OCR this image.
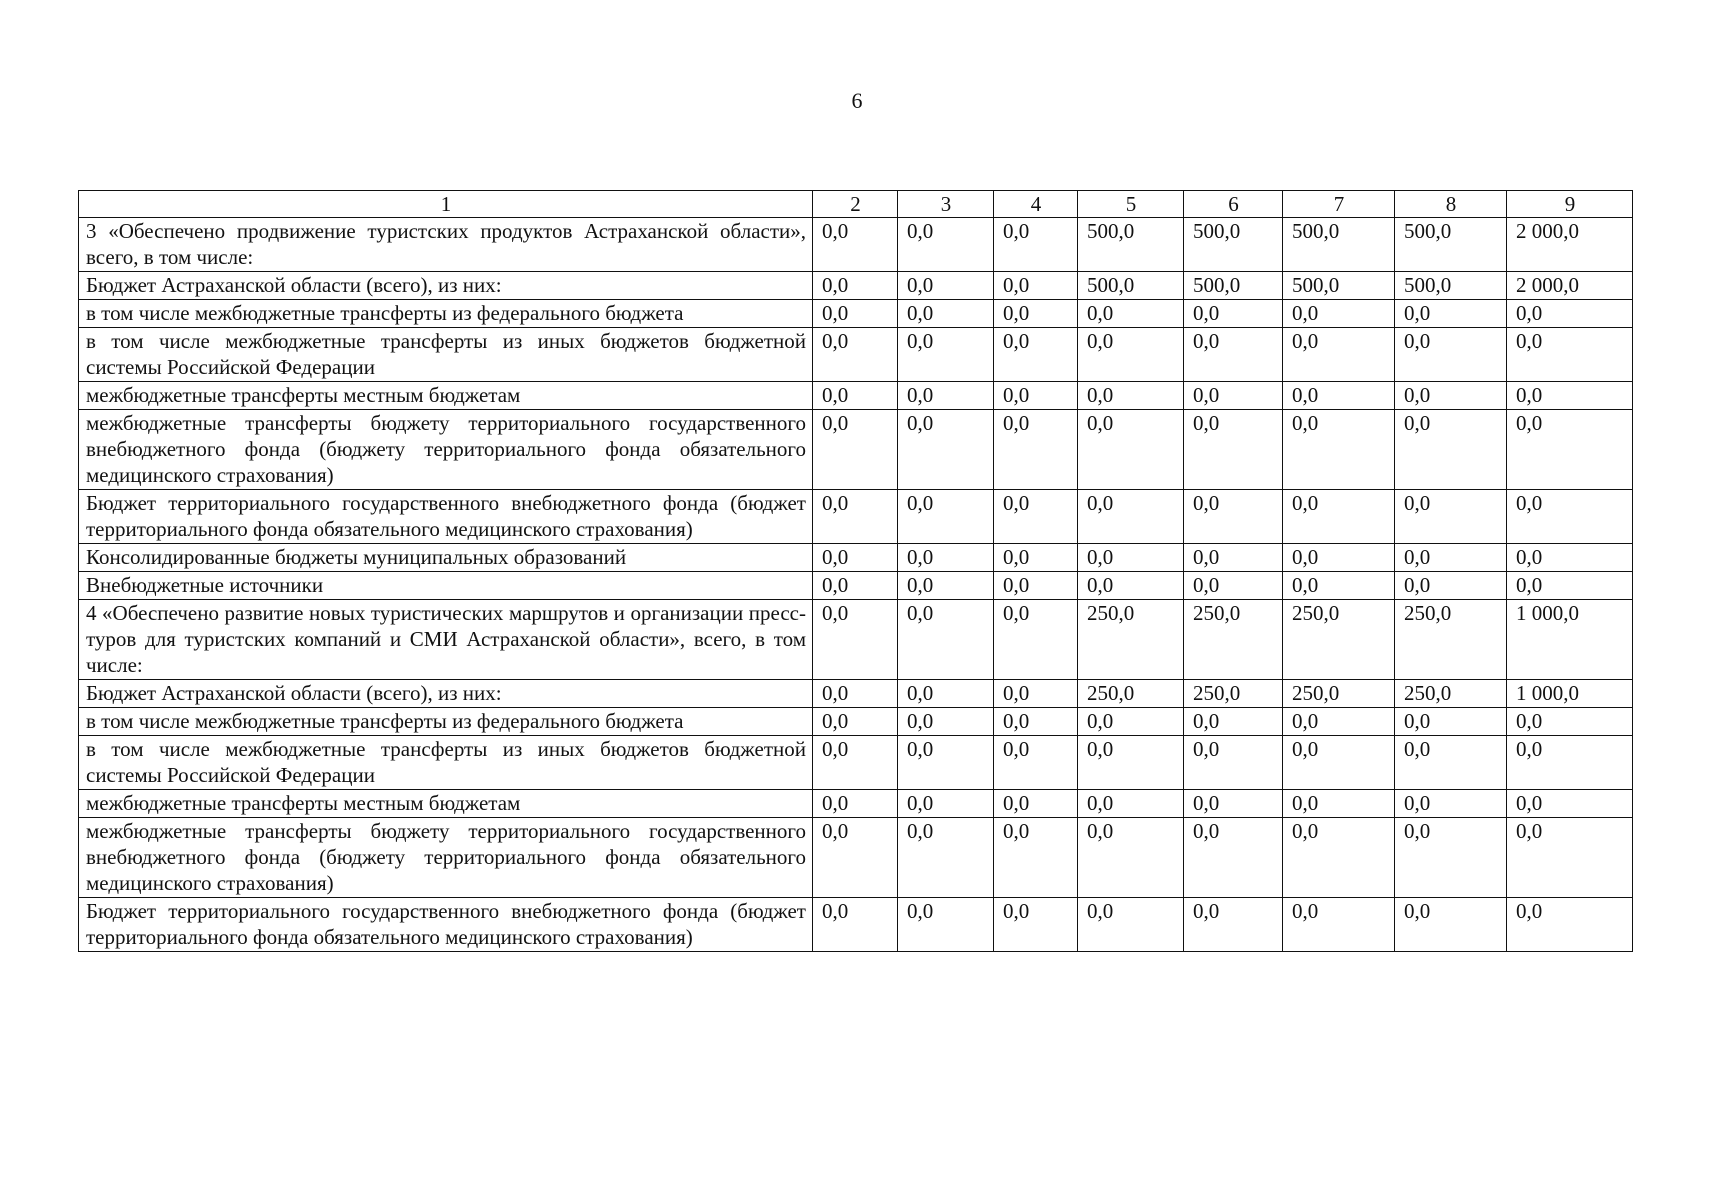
6
1	2	3	4	5	6	7	8	9
3 «Обеспечено продвижение туристских продуктов Астраханской области», всего, в том числе:	0,0	0,0	0,0	500,0	500,0	500,0	500,0	2 000,0
Бюджет Астраханской области (всего), из них:	0,0	0,0	0,0	500,0	500,0	500,0	500,0	2 000,0
в том числе межбюджетные трансферты из федерального бюджета	0,0	0,0	0,0	0,0	0,0	0,0	0,0	0,0
в том числе межбюджетные трансферты из иных бюджетов бюджетной системы Российской Федерации	0,0	0,0	0,0	0,0	0,0	0,0	0,0	0,0
межбюджетные трансферты местным бюджетам	0,0	0,0	0,0	0,0	0,0	0,0	0,0	0,0
межбюджетные трансферты бюджету территориального государственного внебюджетного фонда (бюджету территориального фонда обязательного медицинского страхования)	0,0	0,0	0,0	0,0	0,0	0,0	0,0	0,0
Бюджет территориального государственного внебюджетного фонда (бюджет территориального фонда обязательного медицинского страхования)	0,0	0,0	0,0	0,0	0,0	0,0	0,0	0,0
Консолидированные бюджеты муниципальных образований	0,0	0,0	0,0	0,0	0,0	0,0	0,0	0,0
Внебюджетные источники	0,0	0,0	0,0	0,0	0,0	0,0	0,0	0,0
4 «Обеспечено развитие новых туристических маршрутов и организации пресс-туров для туристских компаний и СМИ Астраханской области», всего, в том числе:	0,0	0,0	0,0	250,0	250,0	250,0	250,0	1 000,0
Бюджет Астраханской области (всего), из них:	0,0	0,0	0,0	250,0	250,0	250,0	250,0	1 000,0
в том числе межбюджетные трансферты из федерального бюджета	0,0	0,0	0,0	0,0	0,0	0,0	0,0	0,0
в том числе межбюджетные трансферты из иных бюджетов бюджетной системы Российской Федерации	0,0	0,0	0,0	0,0	0,0	0,0	0,0	0,0
межбюджетные трансферты местным бюджетам	0,0	0,0	0,0	0,0	0,0	0,0	0,0	0,0
межбюджетные трансферты бюджету территориального государственного внебюджетного фонда (бюджету территориального фонда обязательного медицинского страхования)	0,0	0,0	0,0	0,0	0,0	0,0	0,0	0,0
Бюджет территориального государственного внебюджетного фонда (бюджет территориального фонда обязательного медицинского страхования)	0,0	0,0	0,0	0,0	0,0	0,0	0,0	0,0
